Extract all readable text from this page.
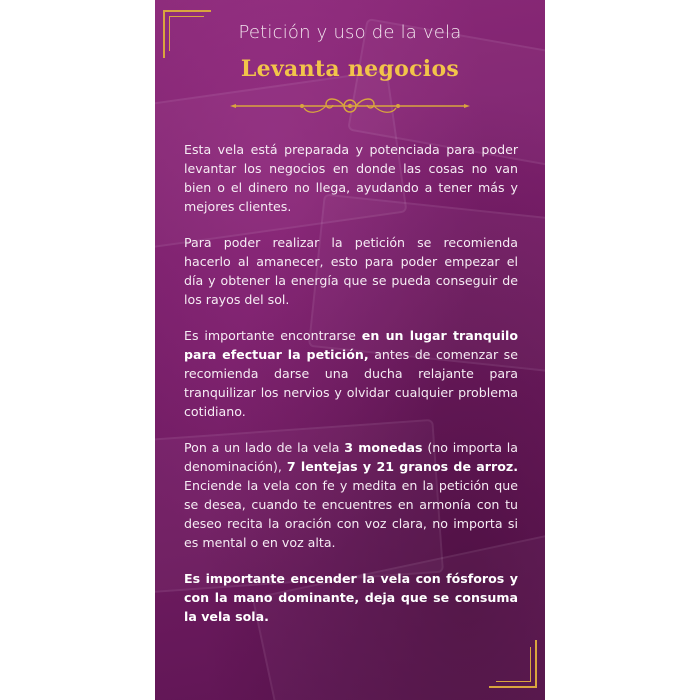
Petición y uso de la vela
Levanta negocios

Esta vela está preparada y potenciada para poder levantar los negocios en donde las cosas no van bien o el dinero no llega, ayudando a tener más y mejores clientes.

Para poder realizar la petición se recomienda hacerlo al amanecer, esto para poder empezar el día y obtener la energía que se pueda conseguir de los rayos del sol.

Es importante encontrarse en un lugar tranquilo para efectuar la petición, antes de comenzar se recomienda darse una ducha relajante para tranquilizar los nervios y olvidar cualquier problema cotidiano.

Pon a un lado de la vela 3 monedas (no importa la denominación), 7 lentejas y 21 granos de arroz. Enciende la vela con fe y medita en la petición que se desea, cuando te encuentres en armonía con tu deseo recita la oración con voz clara, no importa si es mental o en voz alta.

Es importante encender la vela con fósforos y con la mano dominante, deja que se consuma la vela sola.
